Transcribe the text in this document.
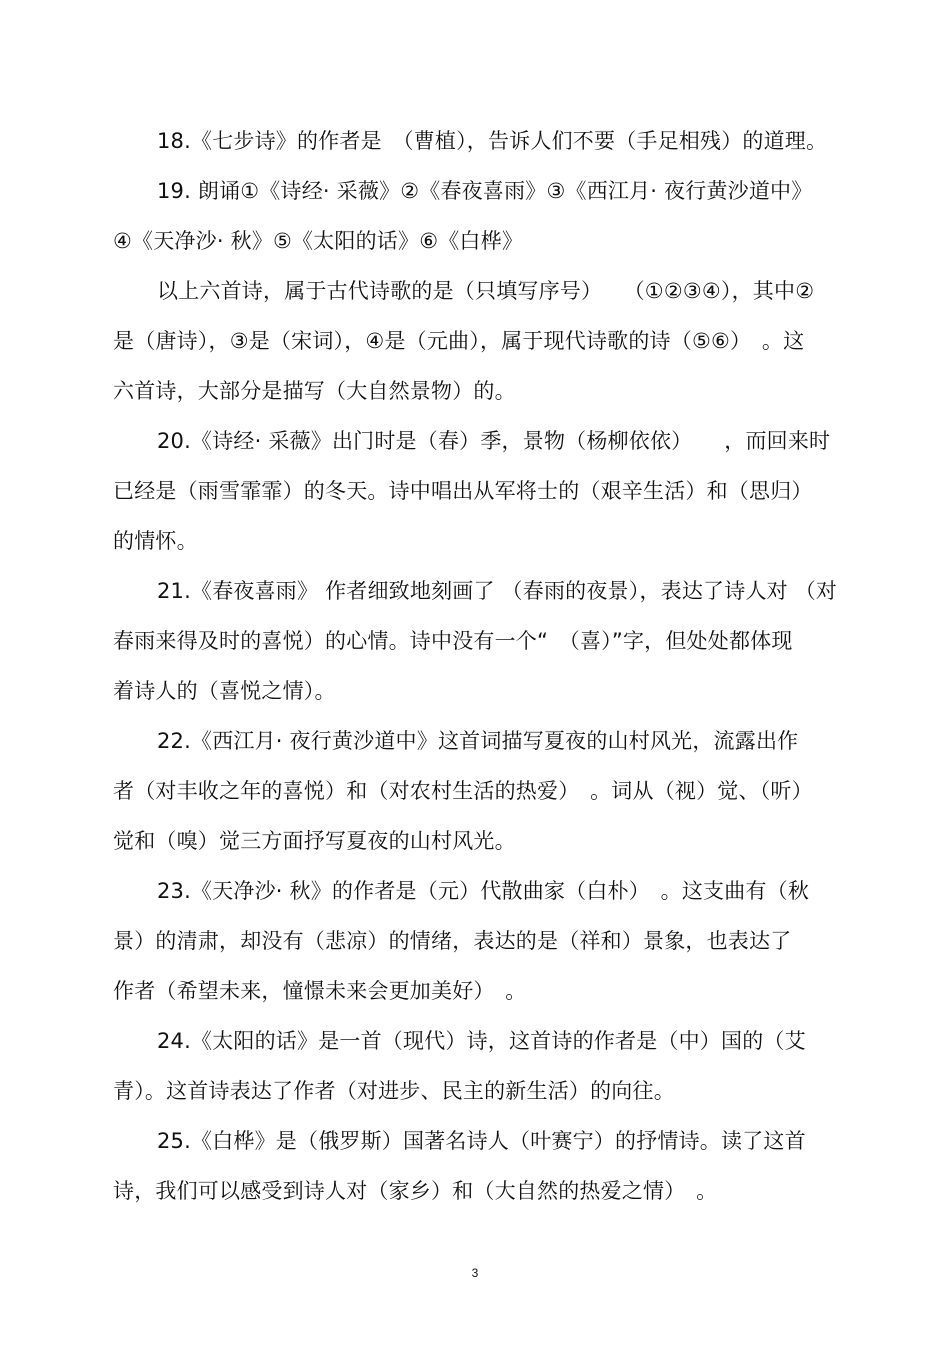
18.《七步诗》的作者是　（曹植），告诉人们不要（手足相残）的道理。
19. 朗诵①《诗经· 采薇》②《春夜喜雨》③《西江月· 夜行黄沙道中》
④《天净沙· 秋》⑤《太阳的话》⑥《白桦》
以上六首诗，属于古代诗歌的是（只填写序号）　　（①②③④），其中②
是（唐诗），③是（宋词），④是（元曲），属于现代诗歌的诗（⑤⑥）　。这
六首诗，大部分是描写（大自然景物）的。
20.《诗经· 采薇》出门时是（春）季，景物（杨柳依依）　　，而回来时
已经是（雨雪霏霏）的冬天。诗中唱出从军将士的（艰辛生活）和（思归）
的情怀。
21.《春夜喜雨》 作者细致地刻画了 （春雨的夜景），表达了诗人对 （对
春雨来得及时的喜悦）的心情。诗中没有一个“　（喜）”字，但处处都体现
着诗人的（喜悦之情）。
22.《西江月· 夜行黄沙道中》这首词描写夏夜的山村风光，流露出作
者（对丰收之年的喜悦）和（对农村生活的热爱）　。词从（视）觉、（听）
觉和（嗅）觉三方面抒写夏夜的山村风光。
23.《天净沙· 秋》的作者是（元）代散曲家（白朴）　。这支曲有（秋
景）的清肃，却没有（悲凉）的情绪，表达的是（祥和）景象，也表达了
作者（希望未来，憧憬未来会更加美好）　。
24.《太阳的话》是一首（现代）诗，这首诗的作者是（中）国的（艾
青）。这首诗表达了作者（对进步、民主的新生活）的向往。
25.《白桦》是（俄罗斯）国著名诗人（叶赛宁）的抒情诗。读了这首
诗，我们可以感受到诗人对（家乡）和（大自然的热爱之情）　。
3
